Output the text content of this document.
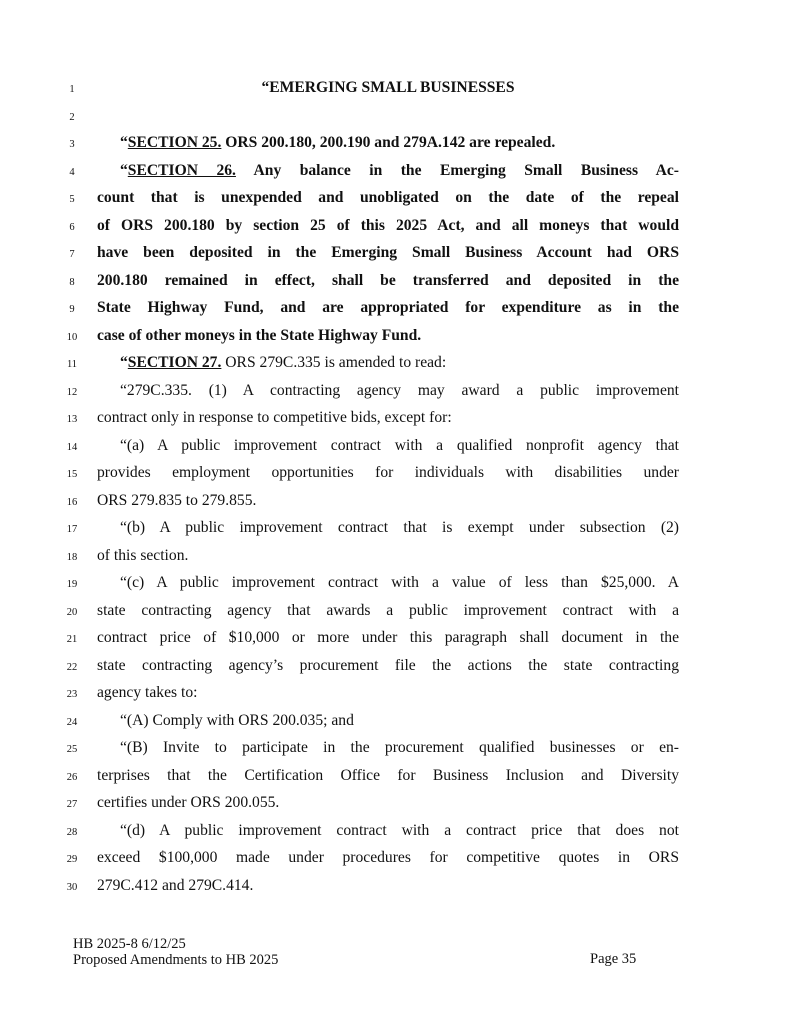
1	“EMERGING SMALL BUSINESSES
2
3	“SECTION 25. ORS 200.180, 200.190 and 279A.142 are repealed.
4	“SECTION 26. Any balance in the Emerging Small Business Ac-
5	count that is unexpended and unobligated on the date of the repeal
6	of ORS 200.180 by section 25 of this 2025 Act, and all moneys that would
7	have been deposited in the Emerging Small Business Account had ORS
8	200.180 remained in effect, shall be transferred and deposited in the
9	State Highway Fund, and are appropriated for expenditure as in the
10	case of other moneys in the State Highway Fund.
11	“SECTION 27. ORS 279C.335 is amended to read:
12	“279C.335. (1) A contracting agency may award a public improvement
13	contract only in response to competitive bids, except for:
14	“(a) A public improvement contract with a qualified nonprofit agency that
15	provides employment opportunities for individuals with disabilities under
16	ORS 279.835 to 279.855.
17	“(b) A public improvement contract that is exempt under subsection (2)
18	of this section.
19	“(c) A public improvement contract with a value of less than $25,000. A
20	state contracting agency that awards a public improvement contract with a
21	contract price of $10,000 or more under this paragraph shall document in the
22	state contracting agency’s procurement file the actions the state contracting
23	agency takes to:
24	“(A) Comply with ORS 200.035; and
25	“(B) Invite to participate in the procurement qualified businesses or en-
26	terprises that the Certification Office for Business Inclusion and Diversity
27	certifies under ORS 200.055.
28	“(d) A public improvement contract with a contract price that does not
29	exceed $100,000 made under procedures for competitive quotes in ORS
30	279C.412 and 279C.414.
HB 2025-8 6/12/25
Proposed Amendments to HB 2025	Page 35
